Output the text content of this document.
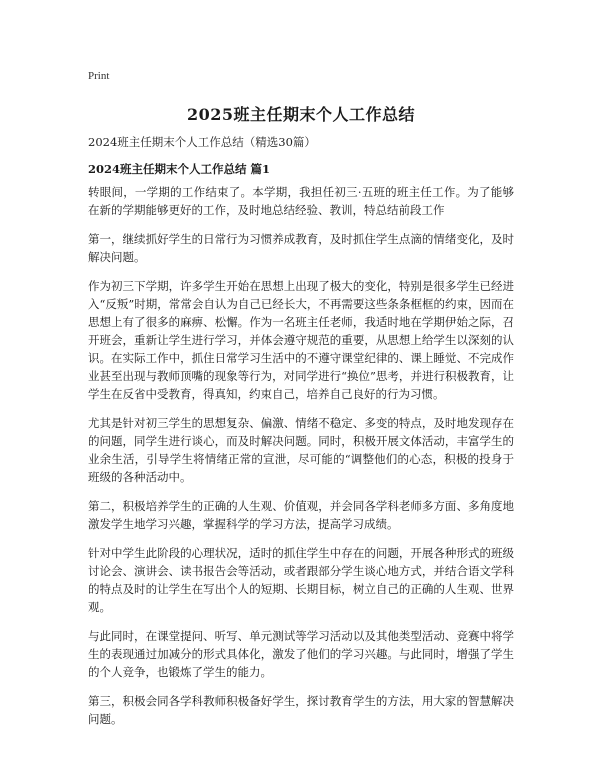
Print
2025班主任期末个人工作总结
2024班主任期末个人工作总结（精选30篇）
2024班主任期末个人工作总结 篇1

转眼间，一学期的工作结束了。本学期，我担任初三·五班的班主任工作。为了能够在新的学期能够更好的工作，及时地总结经验、教训，特总结前段工作

第一，继续抓好学生的日常行为习惯养成教育，及时抓住学生点滴的情绪变化，及时解决问题。

作为初三下学期，许多学生开始在思想上出现了极大的变化，特别是很多学生已经进入“反叛”时期，常常会自认为自己已经长大，不再需要这些条条框框的约束，因而在思想上有了很多的麻痹、松懈。作为一名班主任老师，我适时地在学期伊始之际，召开班会，重新让学生进行学习，并体会遵守规范的重要，从思想上给学生以深刻的认识。在实际工作中，抓住日常学习生活中的不遵守课堂纪律的、课上睡觉、不完成作业甚至出现与教师顶嘴的现象等行为，对同学进行“换位”思考，并进行积极教育，让学生在反省中受教育，得真知，约束自己，培养自己良好的行为习惯。

尤其是针对初三学生的思想复杂、偏激、情绪不稳定、多变的特点，及时地发现存在的问题，同学生进行谈心，而及时解决问题。同时，积极开展文体活动，丰富学生的业余生活，引导学生将情绪正常的宣泄，尽可能的“调整他们的心态，积极的投身于班级的各种活动中。

第二，积极培养学生的正确的人生观、价值观，并会同各学科老师多方面、多角度地激发学生地学习兴趣，掌握科学的学习方法，提高学习成绩。

针对中学生此阶段的心理状况，适时的抓住学生中存在的问题，开展各种形式的班级讨论会、演讲会、读书报告会等活动，或者跟部分学生谈心地方式，并结合语文学科的特点及时的让学生在写出个人的短期、长期目标，树立自己的正确的人生观、世界观。

与此同时，在课堂提问、听写、单元测试等学习活动以及其他类型活动、竞赛中将学生的表现通过加减分的形式具体化，激发了他们的学习兴趣。与此同时，增强了学生的个人竞争，也锻炼了学生的能力。

第三，积极会同各学科教师积极备好学生，探讨教育学生的方法，用大家的智慧解决问题。
